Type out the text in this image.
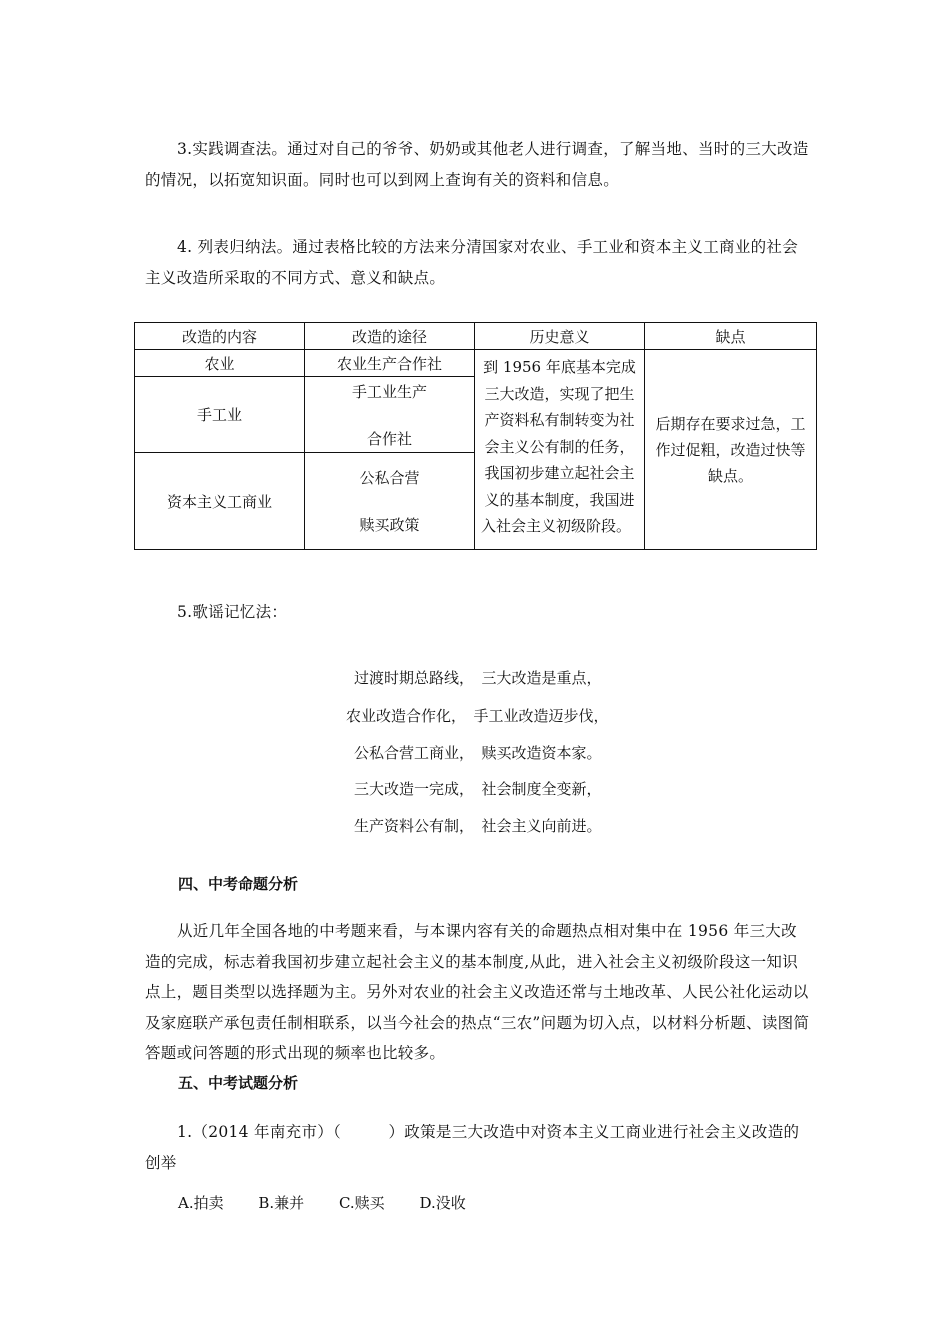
3.实践调查法。通过对自己的爷爷、奶奶或其他老人进行调查，了解当地、当时的三大改造的情况，以拓宽知识面。同时也可以到网上查询有关的资料和信息。
4. 列表归纳法。通过表格比较的方法来分清国家对农业、手工业和资本主义工商业的社会主义改造所采取的不同方式、意义和缺点。
改造的内容	改造的途径	历史意义	缺点
农业	农业生产合作社	到 1956 年底基本完成三大改造，实现了把生产资料私有制转变为社会主义公有制的任务，我国初步建立起社会主义的基本制度，我国进入社会主义初级阶段。	后期存在要求过急，工作过促粗，改造过快等缺点。
手工业	手工业生产
合作社		

资本主义工商业	公私合营
赎买政策		
5.歌谣记忆法：
过渡时期总路线，　 三大改造是重点，
农业改造合作化，　 手工业改造迈步伐，
公私合营工商业，　 赎买改造资本家。
三大改造一完成，　 社会制度全变新，
生产资料公有制，　 社会主义向前进。
四、中考命题分析
从近几年全国各地的中考题来看，与本课内容有关的命题热点相对集中在 1956 年三大改造的完成，标志着我国初步建立起社会主义的基本制度,从此，进入社会主义初级阶段这一知识点上，题目类型以选择题为主。另外对农业的社会主义改造还常与土地改革、人民公社化运动以及家庭联产承包责任制相联系，以当今社会的热点“三农”问题为切入点，以材料分析题、读图简答题或问答题的形式出现的频率也比较多。
五、中考试题分析
1.（2014 年南充市）（　　　）政策是三大改造中对资本主义工商业进行社会主义改造的创举
A.拍卖 B.兼并 C.赎买 D.没收
